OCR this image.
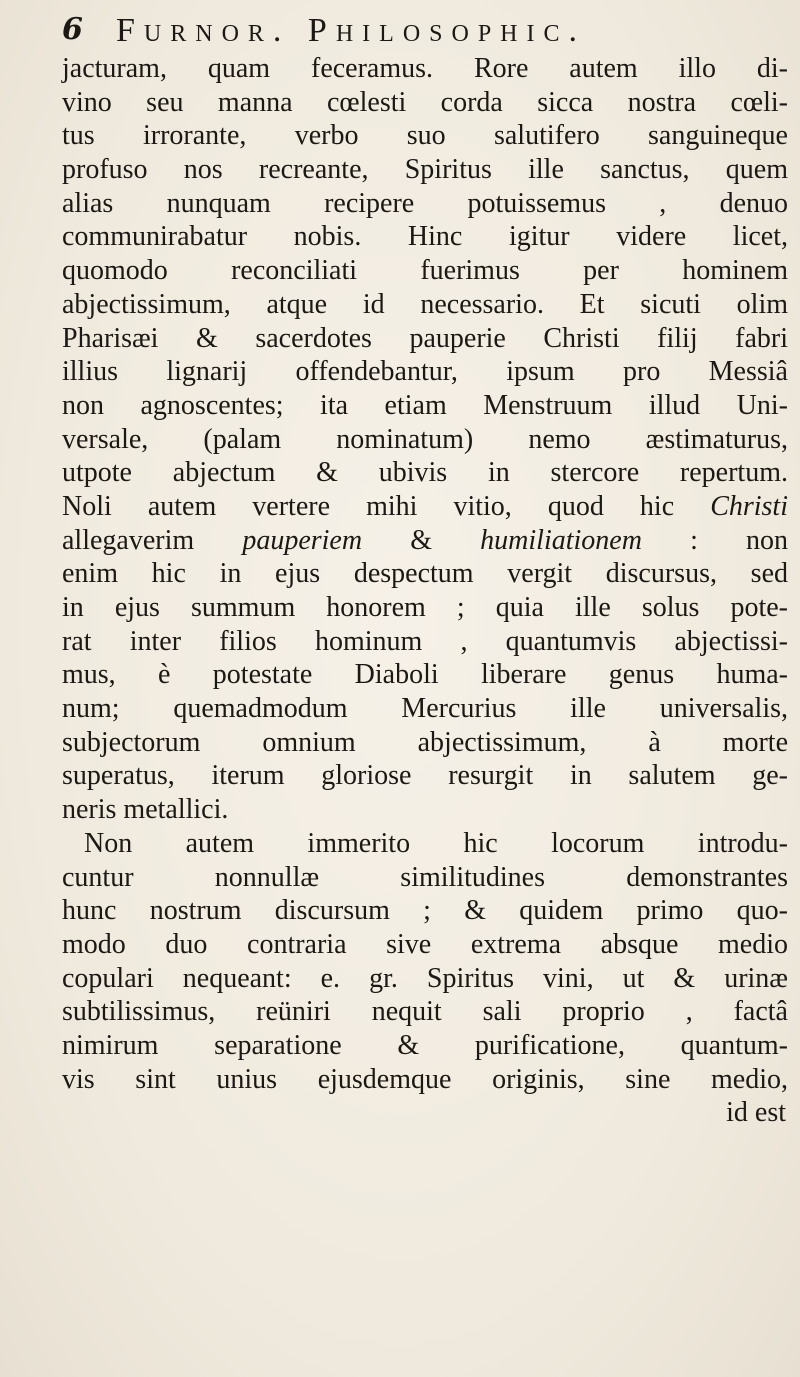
6 Furnor. Philosophic.
jacturam, quam feceramus. Rore autem illo di-
vino seu manna cœlesti corda sicca nostra cœli-
tus irrorante, verbo suo salutifero sanguineque
profuso nos recreante, Spiritus ille sanctus, quem
alias nunquam recipere potuissemus , denuo
communirabatur nobis. Hinc igitur videre licet,
quomodo reconciliati fuerimus per hominem
abjectissimum, atque id necessario. Et sicuti olim
Pharisæi & sacerdotes pauperie Christi filij fabri
illius lignarij offendebantur, ipsum pro Messiâ
non agnoscentes; ita etiam Menstruum illud Uni-
versale, (palam nominatum) nemo æstimaturus,
utpote abjectum & ubivis in stercore repertum.
Noli autem vertere mihi vitio, quod hic Christi
allegaverim pauperiem & humiliationem : non
enim hic in ejus despectum vergit discursus, sed
in ejus summum honorem ; quia ille solus pote-
rat inter filios hominum , quantumvis abjectissi-
mus, è potestate Diaboli liberare genus huma-
num; quemadmodum Mercurius ille universalis,
subjectorum omnium abjectissimum, à morte
superatus, iterum gloriose resurgit in salutem ge-
neris metallici.
Non autem immerito hic locorum introdu-
cuntur nonnullæ similitudines demonstrantes
hunc nostrum discursum ; & quidem primo quo-
modo duo contraria sive extrema absque medio
copulari nequeant: e. gr. Spiritus vini, ut & urinæ
subtilissimus, reüniri nequit sali proprio , factâ
nimirum separatione & purificatione, quantum-
vis sint unius ejusdemque originis, sine medio,
id est
